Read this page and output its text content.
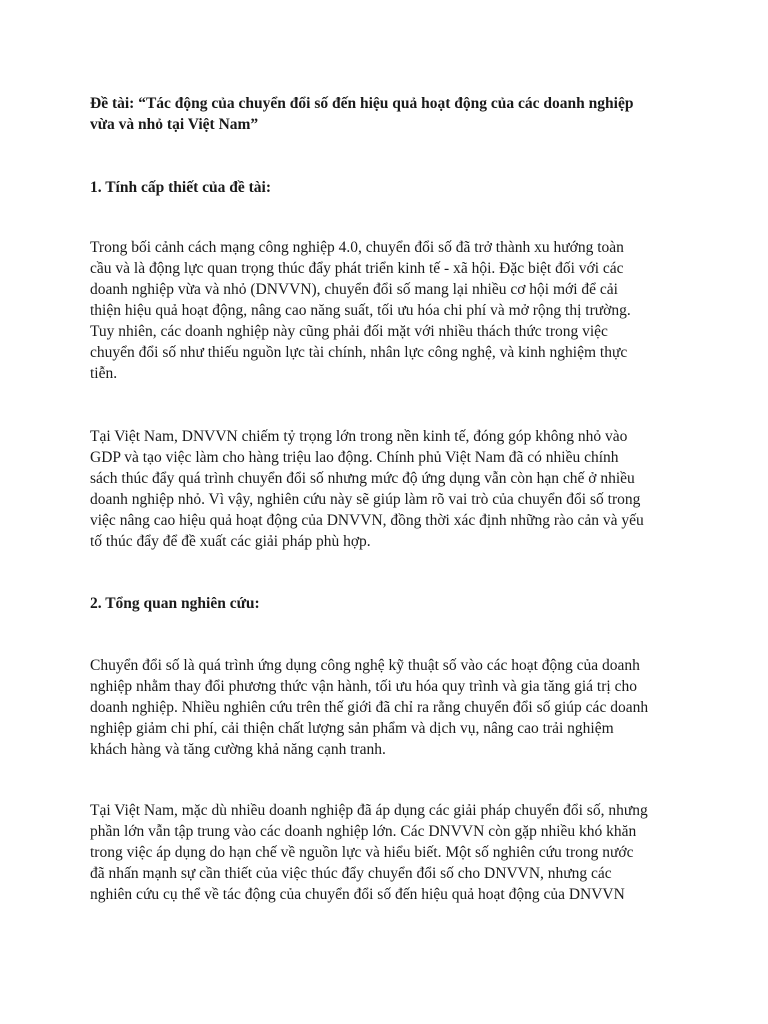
Đề tài: “Tác động của chuyển đổi số đến hiệu quả hoạt động của các doanh nghiệp
vừa và nhỏ tại Việt Nam”
1. Tính cấp thiết của đề tài:

Trong bối cảnh cách mạng công nghiệp 4.0, chuyển đổi số đã trở thành xu hướng toàn
cầu và là động lực quan trọng thúc đẩy phát triển kinh tế - xã hội. Đặc biệt đối với các
doanh nghiệp vừa và nhỏ (DNVVN), chuyển đổi số mang lại nhiều cơ hội mới để cải
thiện hiệu quả hoạt động, nâng cao năng suất, tối ưu hóa chi phí và mở rộng thị trường.
Tuy nhiên, các doanh nghiệp này cũng phải đối mặt với nhiều thách thức trong việc
chuyển đổi số như thiếu nguồn lực tài chính, nhân lực công nghệ, và kinh nghiệm thực
tiễn.

Tại Việt Nam, DNVVN chiếm tỷ trọng lớn trong nền kinh tế, đóng góp không nhỏ vào
GDP và tạo việc làm cho hàng triệu lao động. Chính phủ Việt Nam đã có nhiều chính
sách thúc đẩy quá trình chuyển đổi số nhưng mức độ ứng dụng vẫn còn hạn chế ở nhiều
doanh nghiệp nhỏ. Vì vậy, nghiên cứu này sẽ giúp làm rõ vai trò của chuyển đổi số trong
việc nâng cao hiệu quả hoạt động của DNVVN, đồng thời xác định những rào cản và yếu
tố thúc đẩy để đề xuất các giải pháp phù hợp.

2. Tổng quan nghiên cứu:

Chuyển đổi số là quá trình ứng dụng công nghệ kỹ thuật số vào các hoạt động của doanh
nghiệp nhằm thay đổi phương thức vận hành, tối ưu hóa quy trình và gia tăng giá trị cho
doanh nghiệp. Nhiều nghiên cứu trên thế giới đã chỉ ra rằng chuyển đổi số giúp các doanh
nghiệp giảm chi phí, cải thiện chất lượng sản phẩm và dịch vụ, nâng cao trải nghiệm
khách hàng và tăng cường khả năng cạnh tranh.

Tại Việt Nam, mặc dù nhiều doanh nghiệp đã áp dụng các giải pháp chuyển đổi số, nhưng
phần lớn vẫn tập trung vào các doanh nghiệp lớn. Các DNVVN còn gặp nhiều khó khăn
trong việc áp dụng do hạn chế về nguồn lực và hiểu biết. Một số nghiên cứu trong nước
đã nhấn mạnh sự cần thiết của việc thúc đẩy chuyển đổi số cho DNVVN, nhưng các
nghiên cứu cụ thể về tác động của chuyển đổi số đến hiệu quả hoạt động của DNVVN
